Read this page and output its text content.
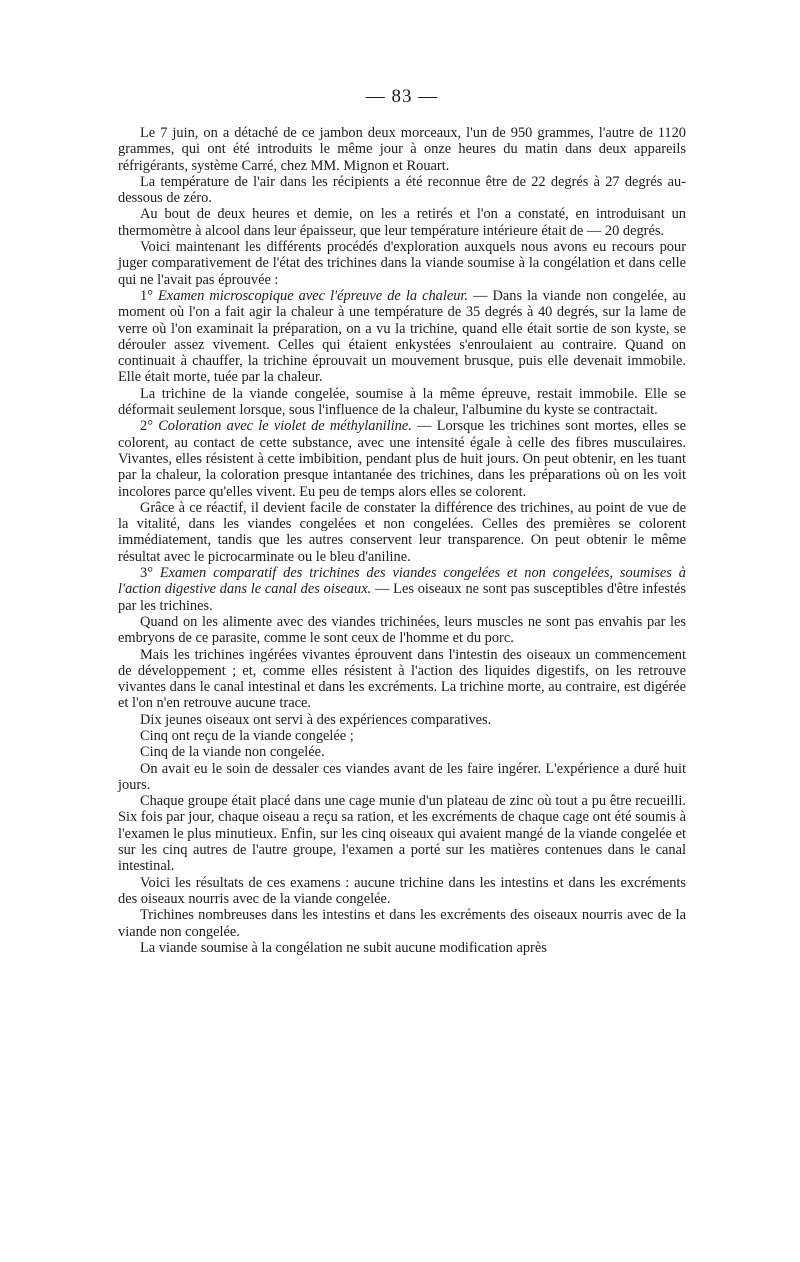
— 83 —

Le 7 juin, on a détaché de ce jambon deux morceaux, l'un de 950 grammes, l'autre de 1120 grammes, qui ont été introduits le même jour à onze heures du matin dans deux appareils réfrigérants, système Carré, chez MM. Mignon et Rouart.

La température de l'air dans les récipients a été reconnue être de 22 degrés à 27 degrés au-dessous de zéro.

Au bout de deux heures et demie, on les a retirés et l'on a constaté, en introduisant un thermomètre à alcool dans leur épaisseur, que leur température intérieure était de — 20 degrés.

Voici maintenant les différents procédés d'exploration auxquels nous avons eu recours pour juger comparativement de l'état des trichines dans la viande soumise à la congélation et dans celle qui ne l'avait pas éprouvée :

1° Examen microscopique avec l'épreuve de la chaleur. — Dans la viande non congelée, au moment où l'on a fait agir la chaleur à une température de 35 degrés à 40 degrés, sur la lame de verre où l'on examinait la préparation, on a vu la trichine, quand elle était sortie de son kyste, se dérouler assez vivement. Celles qui étaient enkystées s'enroulaient au contraire. Quand on continuait à chauffer, la trichine éprouvait un mouvement brusque, puis elle devenait immobile. Elle était morte, tuée par la chaleur.

La trichine de la viande congelée, soumise à la même épreuve, restait immobile. Elle se déformait seulement lorsque, sous l'influence de la chaleur, l'albumine du kyste se contractait.

2° Coloration avec le violet de méthylaniline. — Lorsque les trichines sont mortes, elles se colorent, au contact de cette substance, avec une intensité égale à celle des fibres musculaires. Vivantes, elles résistent à cette imbibition, pendant plus de huit jours. On peut obtenir, en les tuant par la chaleur, la coloration presque intantanée des trichines, dans les préparations où on les voit incolores parce qu'elles vivent. Eu peu de temps alors elles se colorent.

Grâce à ce réactif, il devient facile de constater la différence des trichines, au point de vue de la vitalité, dans les viandes congelées et non congelées. Celles des premières se colorent immédiatement, tandis que les autres conservent leur transparence. On peut obtenir le même résultat avec le picrocarminate ou le bleu d'aniline.

3° Examen comparatif des trichines des viandes congelées et non congelées, soumises à l'action digestive dans le canal des oiseaux. — Les oiseaux ne sont pas susceptibles d'être infestés par les trichines.

Quand on les alimente avec des viandes trichinées, leurs muscles ne sont pas envahis par les embryons de ce parasite, comme le sont ceux de l'homme et du porc.

Mais les trichines ingérées vivantes éprouvent dans l'intestin des oiseaux un commencement de développement ; et, comme elles résistent à l'action des liquides digestifs, on les retrouve vivantes dans le canal intestinal et dans les excréments. La trichine morte, au contraire, est digérée et l'on n'en retrouve aucune trace.

Dix jeunes oiseaux ont servi à des expériences comparatives.

Cinq ont reçu de la viande congelée ;

Cinq de la viande non congelée.

On avait eu le soin de dessaler ces viandes avant de les faire ingérer. L'expérience a duré huit jours.

Chaque groupe était placé dans une cage munie d'un plateau de zinc où tout a pu être recueilli. Six fois par jour, chaque oiseau a reçu sa ration, et les excréments de chaque cage ont été soumis à l'examen le plus minutieux. Enfin, sur les cinq oiseaux qui avaient mangé de la viande congelée et sur les cinq autres de l'autre groupe, l'examen a porté sur les matières contenues dans le canal intestinal.

Voici les résultats de ces examens : aucune trichine dans les intestins et dans les excréments des oiseaux nourris avec de la viande congelée.

Trichines nombreuses dans les intestins et dans les excréments des oiseaux nourris avec de la viande non congelée.

La viande soumise à la congélation ne subit aucune modification après
